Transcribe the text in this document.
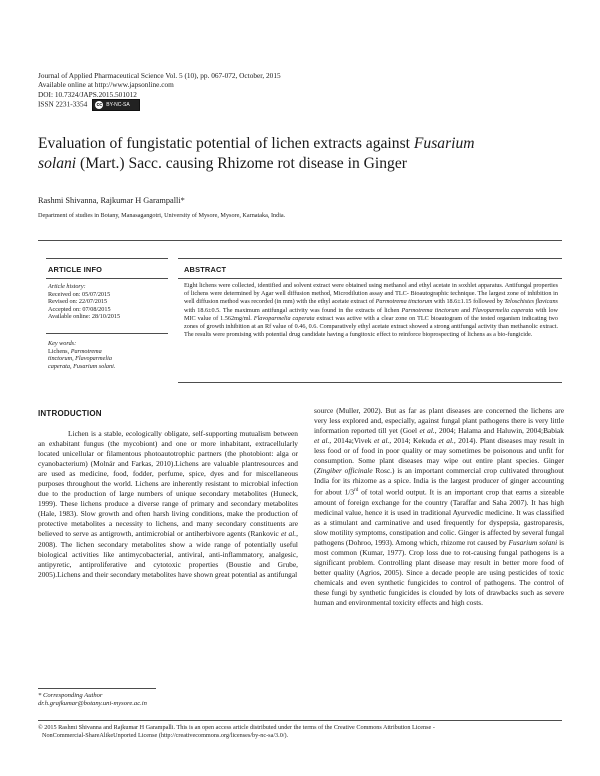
Journal of Applied Pharmaceutical Science Vol. 5 (10), pp. 067-072, October, 2015
Available online at http://www.japsonline.com
DOI: 10.7324/JAPS.2015.501012
ISSN 2231-3354 cc BY-NC-SA
Evaluation of fungistatic potential of lichen extracts against Fusarium
solani (Mart.) Sacc. causing Rhizome rot disease in Ginger
Rashmi Shivanna, Rajkumar H Garampalli*
Department of studies in Botany, Manasagangotri, University of Mysore, Mysore, Karnataka, India.
ARTICLE INFO
Article history:
Received on: 05/07/2015
Revised on: 22/07/2015
Accepted on: 07/08/2015
Available online: 28/10/2015
Key words:
Lichens, Parmotrema
tinctorum, Flavoparmelia
caperata, Fusarium solani.
ABSTRACT
Eight lichens were collected, identified and solvent extract were obtained using methanol and ethyl acetate in soxhlet apparatus. Antifungal properties of lichens were determined by Agar well diffusion method, Microdilution assay and TLC- Bioautographic technique. The largest zone of inhibition in well diffusion method was recorded (in mm) with the ethyl acetate extract of Parmotrema tinctorum with 18.6±1.15 followed by Teloschistes flavicans with 18.6±0.5. The maximum antifungal activity was found in the extracts of lichen Parmotrema tinctorum and Flavoparmelia caperata with low MIC value of 1.562mg/ml. Flavoparmelia caperata extract was active with a clear zone on TLC bioautogram of the tested organism indicating two zones of growth inhibition at an Rf value of 0.46, 0.6. Comparatively ethyl acetate extract showed a strong antifungal activity than methanolic extract. The results were promising with potential drug candidate having a fungitoxic effect to reinforce bioprospecting of lichens as a bio-fungicide.
INTRODUCTION

Lichen is a stable, ecologically obligate, self-supporting mutualism between an exhabitant fungus (the mycobiont) and one or more inhabitant, extracellularly located unicellular or filamentous photoautotrophic partners (the photobiont: alga or cyanobacterium) (Molnár and Farkas, 2010).Lichens are valuable plantresources and are used as medicine, food, fodder, perfume, spice, dyes and for miscellaneous purposes throughout the world. Lichens are inherently resistant to microbial infection due to the production of large numbers of unique secondary metabolites (Huneck, 1999). These lichens produce a diverse range of primary and secondary metabolites (Hale, 1983). Slow growth and often harsh living conditions, make the production of protective metabolites a necessity to lichens, and many secondary constituents are believed to serve as antigrowth, antimicrobial or antiherbivore agents (Rankovic et al., 2008). The lichen secondary metabolites show a wide range of potentially useful biological activities like antimycobacterial, antiviral, anti-inflammatory, analgesic, antipyretic, antiproliferative and cytotoxic properties (Boustie and Grube, 2005).Lichens and their secondary metabolites have shown great potential as antifungal

source (Muller, 2002). But as far as plant diseases are concerned the lichens are very less explored and, especially, against fungal plant pathogens there is very little information reported till yet (Goel et al., 2004; Halama and Haluwin, 2004;Babiak et al., 2014a;Vivek et al., 2014; Kekuda et al., 2014). Plant diseases may result in less food or of food in poor quality or may sometimes be poisonous and unfit for consumption. Some plant diseases may wipe out entire plant species. Ginger (Zingiber officinale Rosc.) is an important commercial crop cultivated throughout India for its rhizome as a spice. India is the largest producer of ginger accounting for about 1/3rd of total world output. It is an important crop that earns a sizeable amount of foreign exchange for the country (Taraffar and Saha 2007). It has high medicinal value, hence it is used in traditional Ayurvedic medicine. It was classified as a stimulant and carminative and used frequently for dyspepsia, gastroparesis, slow motility symptoms, constipation and colic. Ginger is affected by several fungal pathogens (Dohroo, 1993). Among which, rhizome rot caused by Fusarium solani is most common (Kumar, 1977). Crop loss due to rot-causing fungal pathogens is a significant problem. Controlling plant disease may result in better more food of better quality (Agrios, 2005). Since a decade people are using pesticides of toxic chemicals and even synthetic fungicides to control of pathogens. The control of these fungi by synthetic fungicides is clouded by lots of drawbacks such as severe human and environmental toxicity effects and high costs.

* Corresponding Author
dr.h.grajkumar@botany.uni-mysore.ac.in
© 2015 Rashmi Shivanna and Rajkumar H Garampalli. This is an open access article distributed under the terms of the Creative Commons Attribution License -
NonCommercial-ShareAlikeUnported License (http://creativecommons.org/licenses/by-nc-sa/3.0/).
